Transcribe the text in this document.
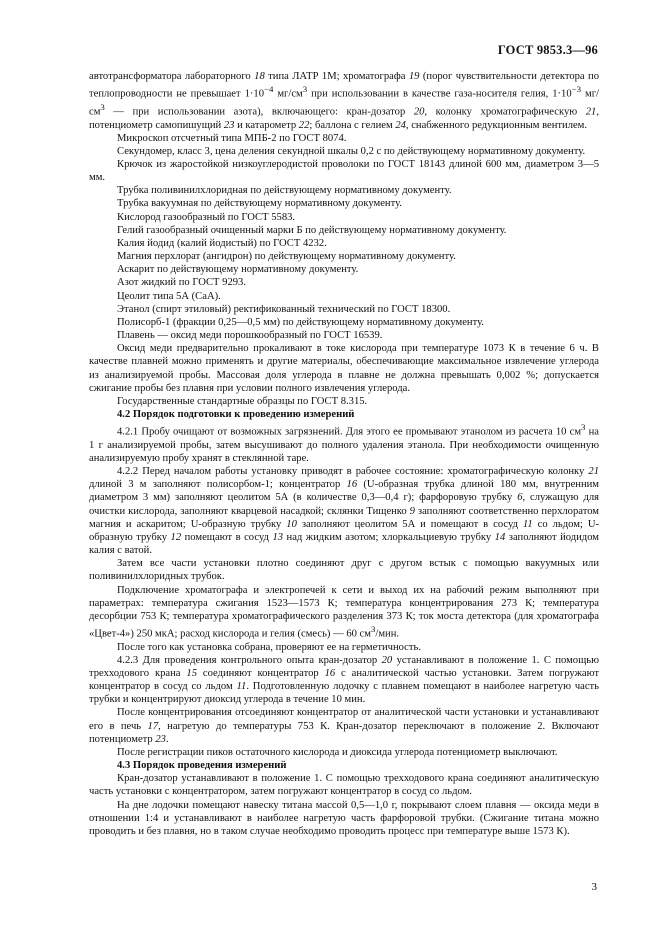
ГОСТ 9853.3—96

автотрансформатора лабораторного 18 типа ЛАТР 1М; хроматографа 19 (порог чувствительности детектора по теплопроводности не превышает $1\cdot 10^{-4}$ $мг/см^3$ при использовании в качестве газа-носителя гелия, $1\cdot 10^{-3}$ $мг/см^3$ — при использовании азота), включающего: кран-дозатор 20, колонку хроматографическую 21, потенциометр самопишущий 23 и катарометр 22; баллона с гелием 24, снабженного редукционным вентилем.

Микроскоп отсчетный типа МПБ-2 по ГОСТ 8074.

Секундомер, класс 3, цена деления секундной шкалы 0,2 с по действующему нормативному документу.

Крючок из жаростойкой низкоуглеродистой проволоки по ГОСТ 18143 длиной 600 мм, диаметром 3—5 мм.

Трубка поливинилхлоридная по действующему нормативному документу.

Трубка вакуумная по действующему нормативному документу.

Кислород газообразный по ГОСТ 5583.

Гелий газообразный очищенный марки Б по действующему нормативному документу.

Калия йодид (калий йодистый) по ГОСТ 4232.

Магния перхлорат (ангидрон) по действующему нормативному документу.

Аскарит по действующему нормативному документу.

Азот жидкий по ГОСТ 9293.

Цеолит типа 5А (СаА).

Этанол (спирт этиловый) ректификованный технический по ГОСТ 18300.

Полисорб-1 (фракции 0,25—0,5 мм) по действующему нормативному документу.

Плавень — оксид меди порошкообразный по ГОСТ 16539.

Оксид меди предварительно прокаливают в токе кислорода при температуре 1073 К в течение 6 ч. В качестве плавней можно применять и другие материалы, обеспечивающие максимальное извлечение углерода из анализируемой пробы. Массовая доля углерода в плавне не должна превышать 0,002 %; допускается сжигание пробы без плавня при условии полного извлечения углерода.

Государственные стандартные образцы по ГОСТ 8.315.

4.2 Порядок подготовки к проведению измерений

4.2.1 Пробу очищают от возможных загрязнений. Для этого ее промывают этанолом из расчета 10 $см^3$ на 1 г анализируемой пробы, затем высушивают до полного удаления этанола. При необходимости очищенную анализируемую пробу хранят в стеклянной таре.

4.2.2 Перед началом работы установку приводят в рабочее состояние: хроматографическую колонку 21 длиной 3 м заполняют полисорбом-1; концентратор 16 (U-образная трубка длиной 180 мм, внутренним диаметром 3 мм) заполняют цеолитом 5А (в количестве 0,3—0,4 г); фарфоровую трубку 6, служащую для очистки кислорода, заполняют кварцевой насадкой; склянки Тищенко 9 заполняют соответственно перхлоратом магния и аскаритом; U-образную трубку 10 заполняют цеолитом 5А и помещают в сосуд 11 со льдом; U-образную трубку 12 помещают в сосуд 13 над жидким азотом; хлоркальциевую трубку 14 заполняют йодидом калия с ватой.

Затем все части установки плотно соединяют друг с другом встык с помощью вакуумных или поливинилхлоридных трубок.

Подключение хроматографа и электропечей к сети и выход их на рабочий режим выполняют при параметрах: температура сжигания 1523—1573 К; температура концентрирования 273 К; температура десорбции 753 К; температура хроматографического разделения 373 К; ток моста детектора (для хроматографа «Цвет-4») 250 мкА; расход кислорода и гелия (смесь) — 60 $см^3$/мин.

После того как установка собрана, проверяют ее на герметичность.

4.2.3 Для проведения контрольного опыта кран-дозатор 20 устанавливают в положение 1. С помощью трехходового крана 15 соединяют концентратор 16 с аналитической частью установки. Затем погружают концентратор в сосуд со льдом 11. Подготовленную лодочку с плавнем помещают в наиболее нагретую часть трубки и концентрируют диоксид углерода в течение 10 мин.

После концентрирования отсоединяют концентратор от аналитической части установки и устанавливают его в печь 17, нагретую до температуры 753 К. Кран-дозатор переключают в положение 2. Включают потенциометр 23.

После регистрации пиков остаточного кислорода и диоксида углерода потенциометр выключают.

4.3 Порядок проведения измерений

Кран-дозатор устанавливают в положение 1. С помощью трехходового крана соединяют аналитическую часть установки с концентратором, затем погружают концентратор в сосуд со льдом.

На дне лодочки помещают навеску титана массой 0,5—1,0 г, покрывают слоем плавня — оксида меди в отношении 1:4 и устанавливают в наиболее нагретую часть фарфоровой трубки. (Сжигание титана можно проводить и без плавня, но в таком случае необходимо проводить процесс при температуре выше 1573 К).

3
